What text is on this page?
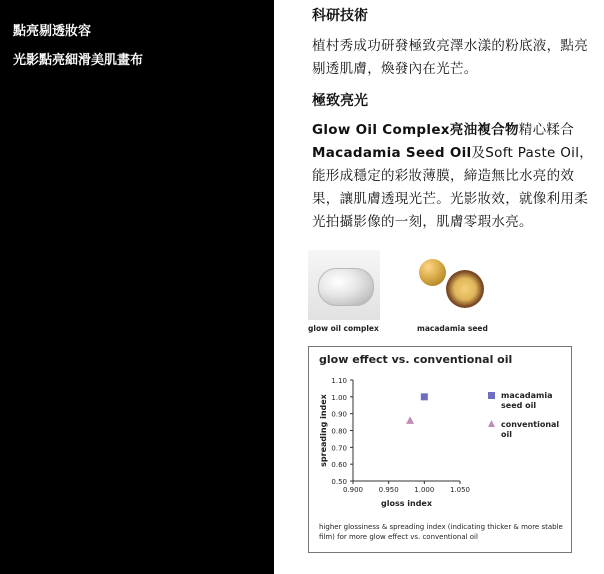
點亮剔透妝容
光影點亮細滑美肌畫布
科研技術
植村秀成功研發極致亮澤水漾的粉底液，點亮剔透肌膚，煥發內在光芒。
極致亮光
Glow Oil Complex亮油複合物精心糅合Macadamia Seed Oil及Soft Paste Oil，能形成穩定的彩妝薄膜，締造無比水亮的效果，讓肌膚透現光芒。光影妝效，就像利用柔光拍攝影像的一刻，肌膚零瑕水亮。
glow oil complex	macadamia seed
glow effect vs. conventional oil
0.50
0.60
0.70
0.80
0.90
1.00
1.10
0.900 0.950 1.000 1.050
gloss index
spreading index	macadamia
seed oil
conventional
oil
higher glossiness & spreading index (indicating thicker & more stable film) for more glow effect vs. conventional oil
